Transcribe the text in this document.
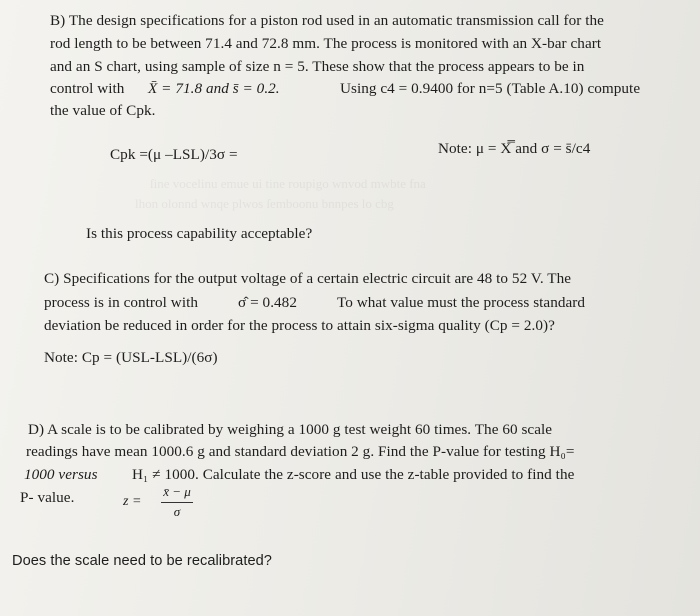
ſine vocelinu emue ui tine roupigo wnvod mwbte fna
lhon olonnd wnqe plwos ſemboonu bnnpes lo cbg
B) The design specifications for a piston rod used in an automatic transmission call for the
rod length to be between 71.4 and 72.8 mm. The process is monitored with an X-bar chart
and an S chart, using sample of size n = 5. These show that the process appears to be in
control with X̄ = 71.8 and s̄ = 0.2.	Using c4 = 0.9400 for n=5 (Table A.10) compute
the value of Cpk.
Cpk =(μ –LSL)/3σ =	Note: μ = X̿ and σ = s̄/c4
Is this process capability acceptable?
C) Specifications for the output voltage of a certain electric circuit are 48 to 52 V. The
process is in control with	σ̂ = 0.482	To what value must the process standard
deviation be reduced in order for the process to attain six-sigma quality (Cp = 2.0)?
Note: Cp = (USL-LSL)/(6σ)
D) A scale is to be calibrated by weighing a 1000 g test weight 60 times. The 60 scale
readings have mean 1000.6 g and standard deviation 2 g. Find the P-value for testing H₀=
1000 versus H₁ ≠ 1000. Calculate the z-score and use the z-table provided to find the
P- value.	z =
x̄ − μ
σ
Does the scale need to be recalibrated?
